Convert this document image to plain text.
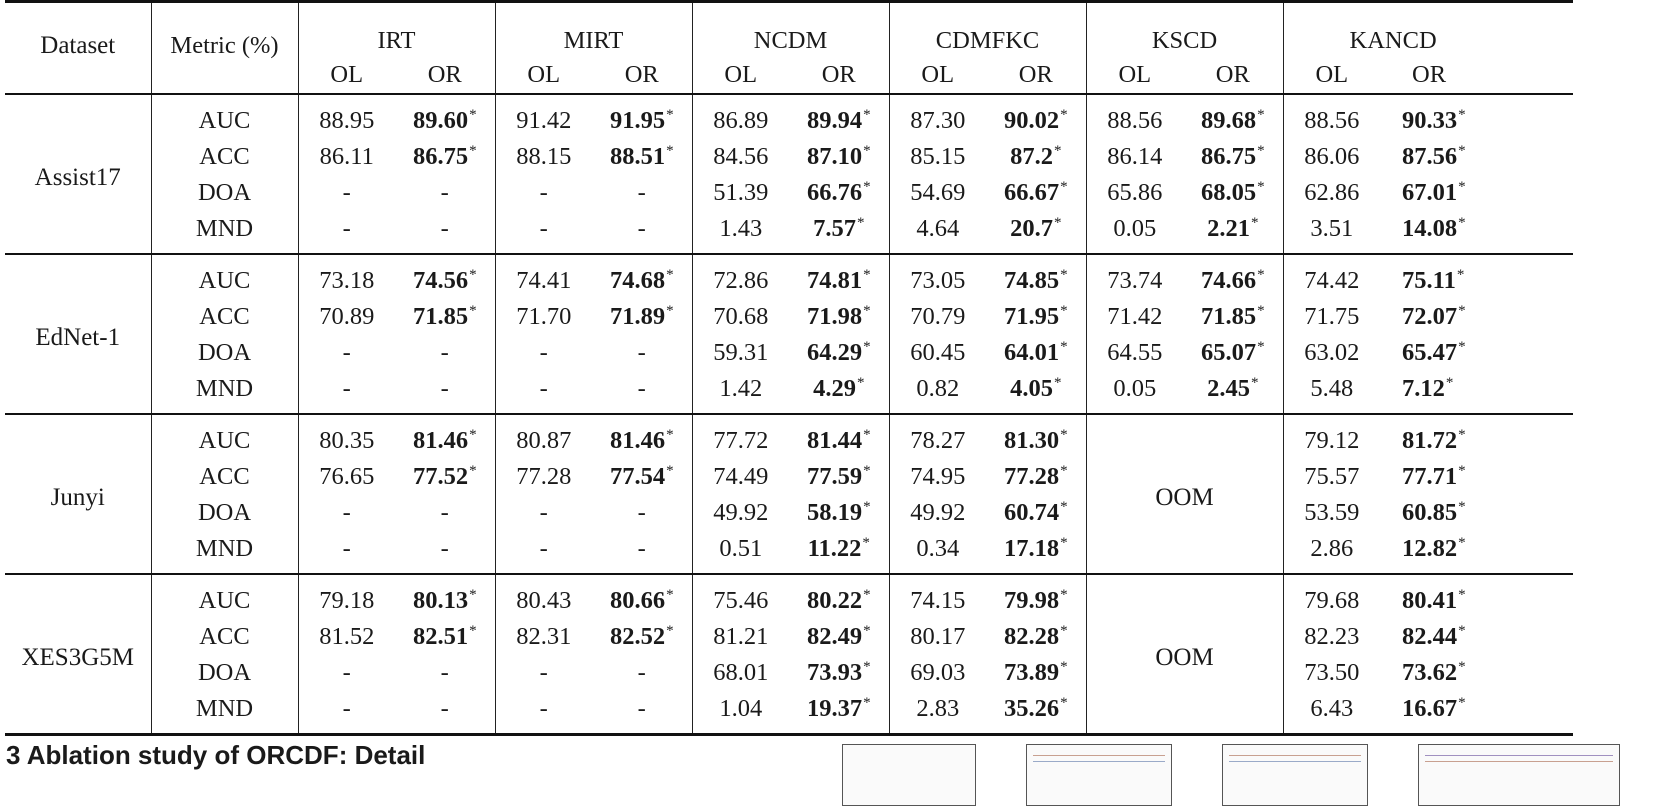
Dataset	Metric (%)	IRT		MIRT		NCDM		CDMFKC		KSCD		KANCD	
		OL	OR	OL	OR	OL	OR	OL	OR	OL	OR	OL	OR
Assist17	AUC	88.95	89.60*	91.42	91.95*	86.89	89.94*	87.30	90.02*	88.56	89.68*	88.56	90.33*
	ACC	86.11	86.75*	88.15	88.51*	84.56	87.10*	85.15	87.2*	86.14	86.75*	86.06	87.56*
	DOA	-	-	-	-	51.39	66.76*	54.69	66.67*	65.86	68.05*	62.86	67.01*
	MND	-	-	-	-	1.43	7.57*	4.64	20.7*	0.05	2.21*	3.51	14.08*
EdNet-1	AUC	73.18	74.56*	74.41	74.68*	72.86	74.81*	73.05	74.85*	73.74	74.66*	74.42	75.11*
	ACC	70.89	71.85*	71.70	71.89*	70.68	71.98*	70.79	71.95*	71.42	71.85*	71.75	72.07*
	DOA	-	-	-	-	59.31	64.29*	60.45	64.01*	64.55	65.07*	63.02	65.47*
	MND	-	-	-	-	1.42	4.29*	0.82	4.05*	0.05	2.45*	5.48	7.12*
Junyi	AUC	80.35	81.46*	80.87	81.46*	77.72	81.44*	78.27	81.30*	OOM		79.12	81.72*
	ACC	76.65	77.52*	77.28	77.54*	74.49	77.59*	74.95	77.28*			75.57	77.71*
	DOA	-	-	-	-	49.92	58.19*	49.92	60.74*			53.59	60.85*
	MND	-	-	-	-	0.51	11.22*	0.34	17.18*			2.86	12.82*
XES3G5M	AUC	79.18	80.13*	80.43	80.66*	75.46	80.22*	74.15	79.98*	OOM		79.68	80.41*
	ACC	81.52	82.51*	82.31	82.52*	81.21	82.49*	80.17	82.28*			82.23	82.44*
	DOA	-	-	-	-	68.01	73.93*	69.03	73.89*			73.50	73.62*
	MND	-	-	-	-	1.04	19.37*	2.83	35.26*			6.43	16.67*
3 Ablation study of ORCDF: Detail
